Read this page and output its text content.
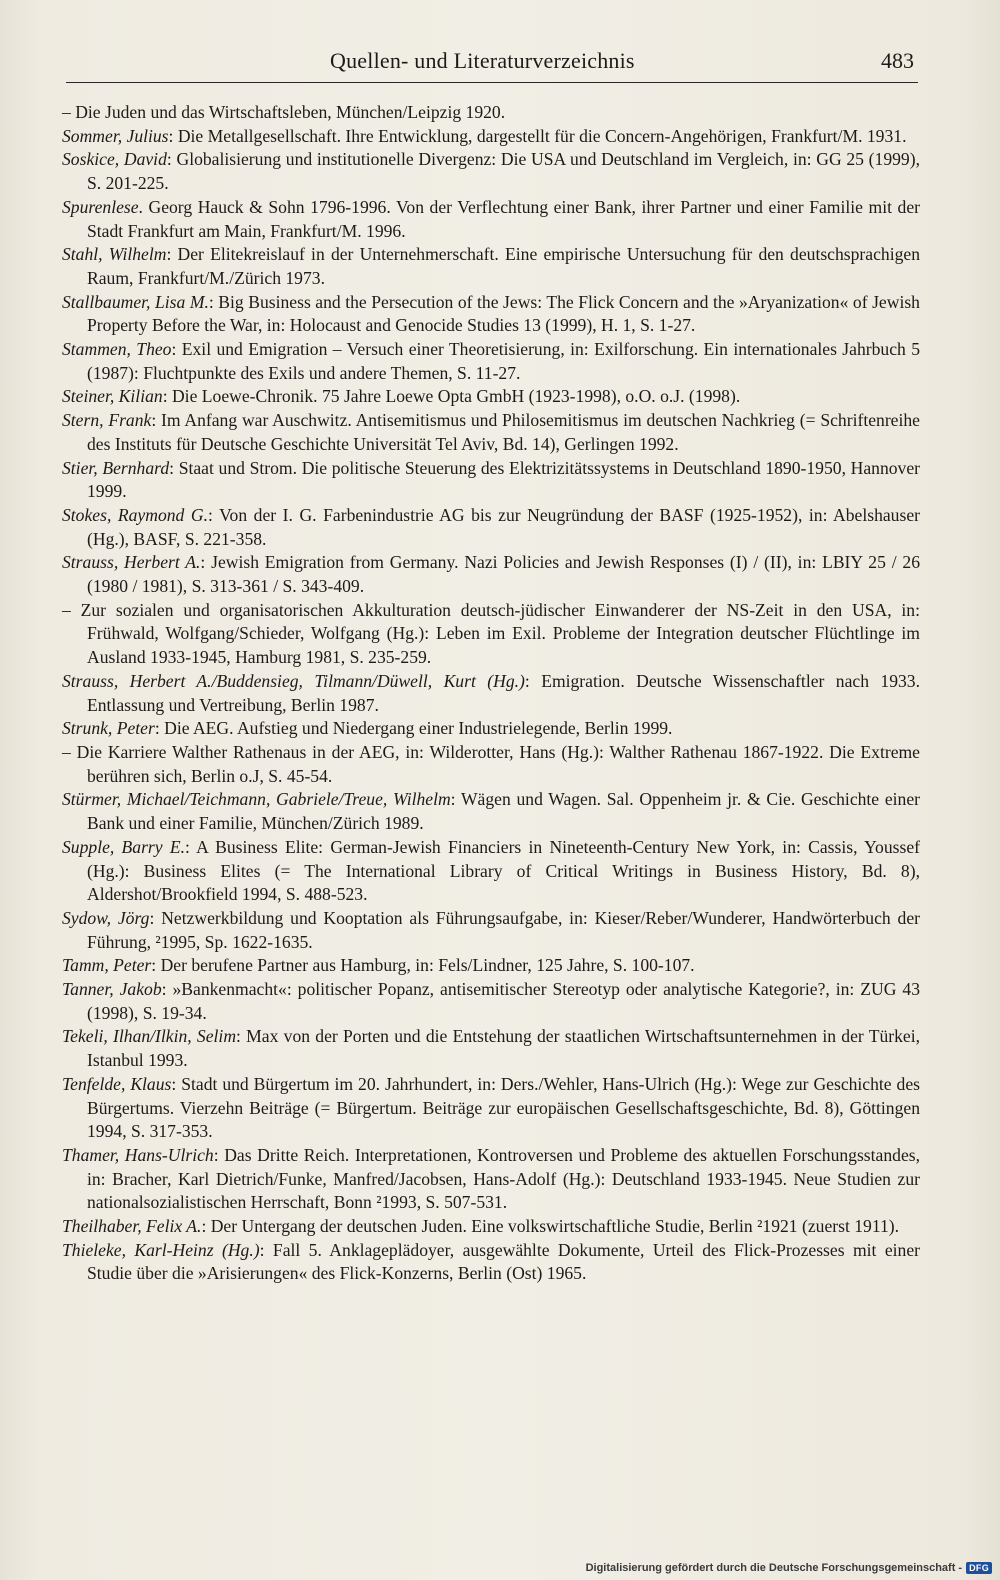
Quellen- und Literaturverzeichnis	483
– Die Juden und das Wirtschaftsleben, München/Leipzig 1920.
Sommer, Julius: Die Metallgesellschaft. Ihre Entwicklung, dargestellt für die Concern-Angehörigen, Frankfurt/M. 1931.
Soskice, David: Globalisierung und institutionelle Divergenz: Die USA und Deutschland im Vergleich, in: GG 25 (1999), S. 201-225.
Spurenlese. Georg Hauck & Sohn 1796-1996. Von der Verflechtung einer Bank, ihrer Partner und einer Familie mit der Stadt Frankfurt am Main, Frankfurt/M. 1996.
Stahl, Wilhelm: Der Elitekreislauf in der Unternehmerschaft. Eine empirische Untersuchung für den deutschsprachigen Raum, Frankfurt/M./Zürich 1973.
Stallbaumer, Lisa M.: Big Business and the Persecution of the Jews: The Flick Concern and the »Aryanization« of Jewish Property Before the War, in: Holocaust and Genocide Studies 13 (1999), H. 1, S. 1-27.
Stammen, Theo: Exil und Emigration – Versuch einer Theoretisierung, in: Exilforschung. Ein internationales Jahrbuch 5 (1987): Fluchtpunkte des Exils und andere Themen, S. 11-27.
Steiner, Kilian: Die Loewe-Chronik. 75 Jahre Loewe Opta GmbH (1923-1998), o.O. o.J. (1998).
Stern, Frank: Im Anfang war Auschwitz. Antisemitismus und Philosemitismus im deutschen Nachkrieg (= Schriftenreihe des Instituts für Deutsche Geschichte Universität Tel Aviv, Bd. 14), Gerlingen 1992.
Stier, Bernhard: Staat und Strom. Die politische Steuerung des Elektrizitätssystems in Deutschland 1890-1950, Hannover 1999.
Stokes, Raymond G.: Von der I. G. Farbenindustrie AG bis zur Neugründung der BASF (1925-1952), in: Abelshauser (Hg.), BASF, S. 221-358.
Strauss, Herbert A.: Jewish Emigration from Germany. Nazi Policies and Jewish Responses (I) / (II), in: LBIY 25 / 26 (1980 / 1981), S. 313-361 / S. 343-409.
– Zur sozialen und organisatorischen Akkulturation deutsch-jüdischer Einwanderer der NS-Zeit in den USA, in: Frühwald, Wolfgang/Schieder, Wolfgang (Hg.): Leben im Exil. Probleme der Integration deutscher Flüchtlinge im Ausland 1933-1945, Hamburg 1981, S. 235-259.
Strauss, Herbert A./Buddensieg, Tilmann/Düwell, Kurt (Hg.): Emigration. Deutsche Wissenschaftler nach 1933. Entlassung und Vertreibung, Berlin 1987.
Strunk, Peter: Die AEG. Aufstieg und Niedergang einer Industrielegende, Berlin 1999.
– Die Karriere Walther Rathenaus in der AEG, in: Wilderotter, Hans (Hg.): Walther Rathenau 1867-1922. Die Extreme berühren sich, Berlin o.J, S. 45-54.
Stürmer, Michael/Teichmann, Gabriele/Treue, Wilhelm: Wägen und Wagen. Sal. Oppenheim jr. & Cie. Geschichte einer Bank und einer Familie, München/Zürich 1989.
Supple, Barry E.: A Business Elite: German-Jewish Financiers in Nineteenth-Century New York, in: Cassis, Youssef (Hg.): Business Elites (= The International Library of Critical Writings in Business History, Bd. 8), Aldershot/Brookfield 1994, S. 488-523.
Sydow, Jörg: Netzwerkbildung und Kooptation als Führungsaufgabe, in: Kieser/Reber/Wunderer, Handwörterbuch der Führung, ²1995, Sp. 1622-1635.
Tamm, Peter: Der berufene Partner aus Hamburg, in: Fels/Lindner, 125 Jahre, S. 100-107.
Tanner, Jakob: »Bankenmacht«: politischer Popanz, antisemitischer Stereotyp oder analytische Kategorie?, in: ZUG 43 (1998), S. 19-34.
Tekeli, Ilhan/Ilkin, Selim: Max von der Porten und die Entstehung der staatlichen Wirtschaftsunternehmen in der Türkei, Istanbul 1993.
Tenfelde, Klaus: Stadt und Bürgertum im 20. Jahrhundert, in: Ders./Wehler, Hans-Ulrich (Hg.): Wege zur Geschichte des Bürgertums. Vierzehn Beiträge (= Bürgertum. Beiträge zur europäischen Gesellschaftsgeschichte, Bd. 8), Göttingen 1994, S. 317-353.
Thamer, Hans-Ulrich: Das Dritte Reich. Interpretationen, Kontroversen und Probleme des aktuellen Forschungsstandes, in: Bracher, Karl Dietrich/Funke, Manfred/Jacobsen, Hans-Adolf (Hg.): Deutschland 1933-1945. Neue Studien zur nationalsozialistischen Herrschaft, Bonn ²1993, S. 507-531.
Theilhaber, Felix A.: Der Untergang der deutschen Juden. Eine volkswirtschaftliche Studie, Berlin ²1921 (zuerst 1911).
Thieleke, Karl-Heinz (Hg.): Fall 5. Anklageplädoyer, ausgewählte Dokumente, Urteil des Flick-Prozesses mit einer Studie über die »Arisierungen« des Flick-Konzerns, Berlin (Ost) 1965.
Digitalisierung gefördert durch die Deutsche Forschungsgemeinschaft - DFG
